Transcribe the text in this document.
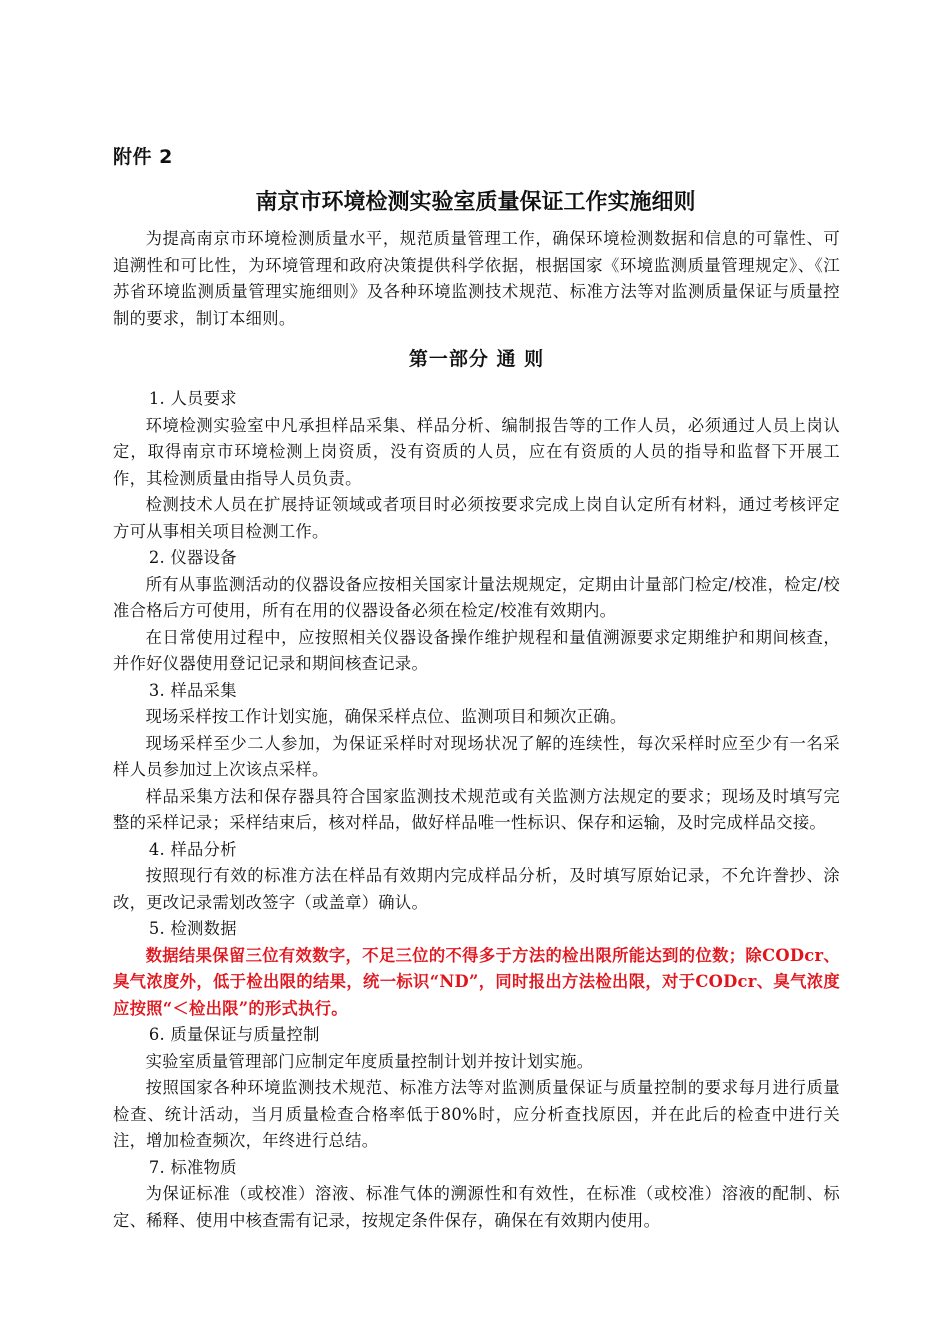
附件 2
南京市环境检测实验室质量保证工作实施细则

为提高南京市环境检测质量水平，规范质量管理工作，确保环境检测数据和信息的可靠性、可追溯性和可比性，为环境管理和政府决策提供科学依据，根据国家《环境监测质量管理规定》、《江苏省环境监测质量管理实施细则》及各种环境监测技术规范、标准方法等对监测质量保证与质量控制的要求，制订本细则。

第一部分 通 则

1. 人员要求

环境检测实验室中凡承担样品采集、样品分析、编制报告等的工作人员，必须通过人员上岗认定，取得南京市环境检测上岗资质，没有资质的人员，应在有资质的人员的指导和监督下开展工作，其检测质量由指导人员负责。

检测技术人员在扩展持证领域或者项目时必须按要求完成上岗自认定所有材料，通过考核评定方可从事相关项目检测工作。

2. 仪器设备

所有从事监测活动的仪器设备应按相关国家计量法规规定，定期由计量部门检定/校准，检定/校准合格后方可使用，所有在用的仪器设备必须在检定/校准有效期内。

在日常使用过程中，应按照相关仪器设备操作维护规程和量值溯源要求定期维护和期间核查，并作好仪器使用登记记录和期间核查记录。

3. 样品采集

现场采样按工作计划实施，确保采样点位、监测项目和频次正确。

现场采样至少二人参加，为保证采样时对现场状况了解的连续性，每次采样时应至少有一名采样人员参加过上次该点采样。

样品采集方法和保存器具符合国家监测技术规范或有关监测方法规定的要求；现场及时填写完整的采样记录；采样结束后，核对样品，做好样品唯一性标识、保存和运输，及时完成样品交接。

4. 样品分析

按照现行有效的标准方法在样品有效期内完成样品分析，及时填写原始记录，不允许誊抄、涂改，更改记录需划改签字（或盖章）确认。

5. 检测数据

数据结果保留三位有效数字，不足三位的不得多于方法的检出限所能达到的位数；除CODcr、臭气浓度外，低于检出限的结果，统一标识“ND”，同时报出方法检出限，对于CODcr、臭气浓度应按照“＜检出限”的形式执行。

6. 质量保证与质量控制

实验室质量管理部门应制定年度质量控制计划并按计划实施。

按照国家各种环境监测技术规范、标准方法等对监测质量保证与质量控制的要求每月进行质量检查、统计活动，当月质量检查合格率低于80%时，应分析查找原因，并在此后的检查中进行关注，增加检查频次，年终进行总结。

7. 标准物质

为保证标准（或校准）溶液、标准气体的溯源性和有效性，在标准（或校准）溶液的配制、标定、稀释、使用中核查需有记录，按规定条件保存，确保在有效期内使用。
